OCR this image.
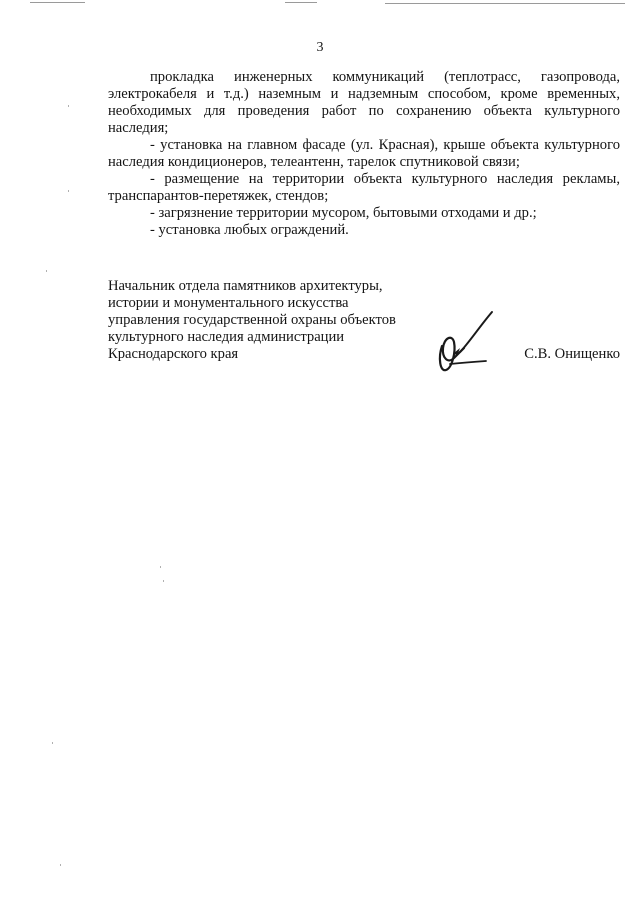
3

прокладка инженерных коммуникаций (теплотрасс, газопровода, электрокабеля и т.д.) наземным и надземным способом, кроме временных, необходимых для проведения работ по сохранению объекта культурного наследия;

- установка на главном фасаде (ул. Красная), крыше объекта культурного наследия кондиционеров, телеантенн, тарелок спутниковой связи;

- размещение на территории объекта культурного наследия рекламы, транспарантов-перетяжек, стендов;

- загрязнение территории мусором, бытовыми отходами и др.;

- установка любых ограждений.

Начальник отдела памятников архитектуры,
истории и монументального искусства
управления государственной охраны объектов
культурного наследия администрации
Краснодарского края	С.В. Онищенко
